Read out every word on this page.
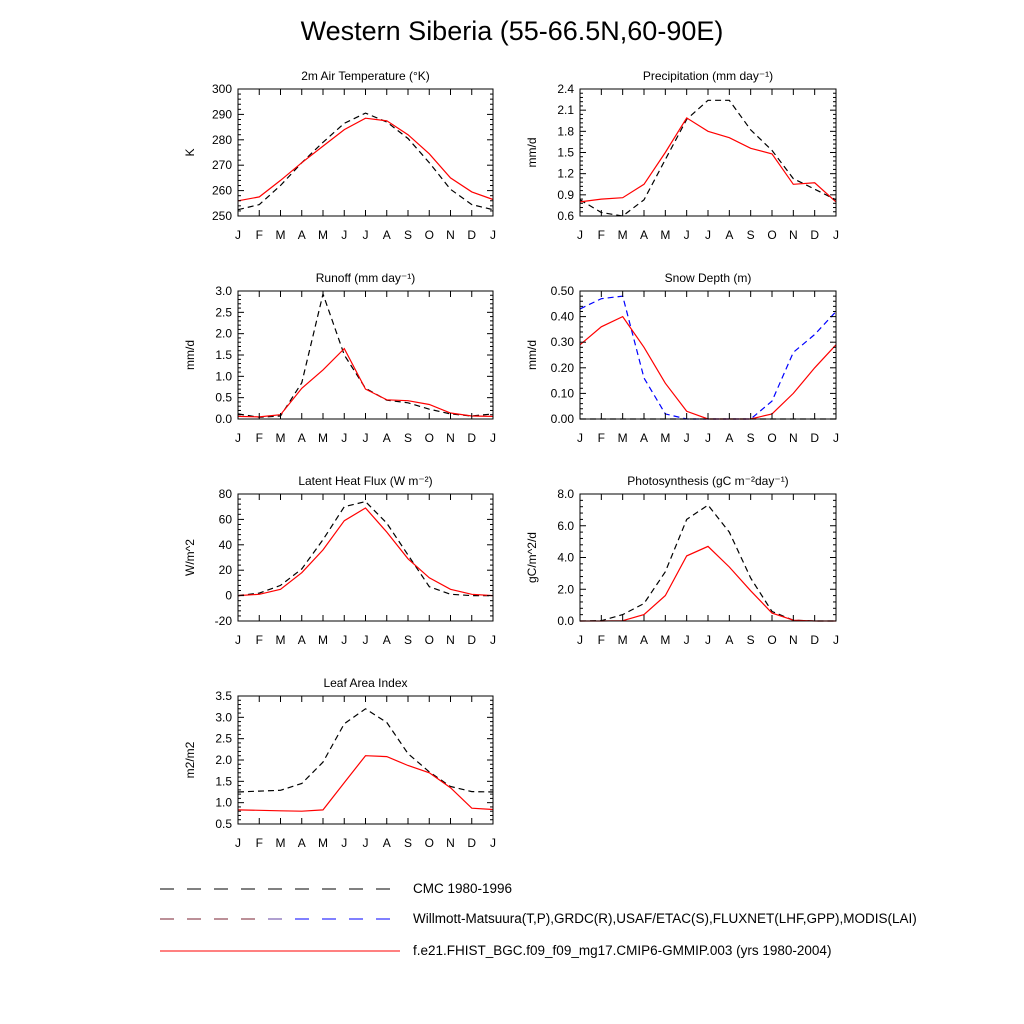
2m Air Temperature (°K)
250
260
270
280
290
300
J F M A M J J A S O N D J
K
Precipitation (mm day⁻¹)
0.6
0.9
1.2
1.5
1.8
2.1
2.4
J F M A M J J A S O N D J
mm/d
Runoff (mm day⁻¹)
0.0
0.5
1.0
1.5
2.0
2.5
3.0
J F M A M J J A S O N D J
mm/d
Snow Depth (m)
0.00
0.10
0.20
0.30
0.40
0.50
J F M A M J J A S O N D J
mm/d
Latent Heat Flux (W m⁻²)
-20
0
20
40
60
80
J F M A M J J A S O N D J
W/m^2
Photosynthesis (gC m⁻²day⁻¹)
0.0
2.0
4.0
6.0
8.0
J F M A M J J A S O N D J
gC/m^2/d
Leaf Area Index
0.5
1.0
1.5
2.0
2.5
3.0
3.5
J F M A M J J A S O N D J
m2/m2
Western Siberia (55-66.5N,60-90E)
CMC 1980-1996
Willmott-Matsuura(T,P),GRDC(R),USAF/ETAC(S),FLUXNET(LHF,GPP),MODIS(LAI)
f.e21.FHIST_BGC.f09_f09_mg17.CMIP6-GMMIP.003 (yrs 1980-2004)
